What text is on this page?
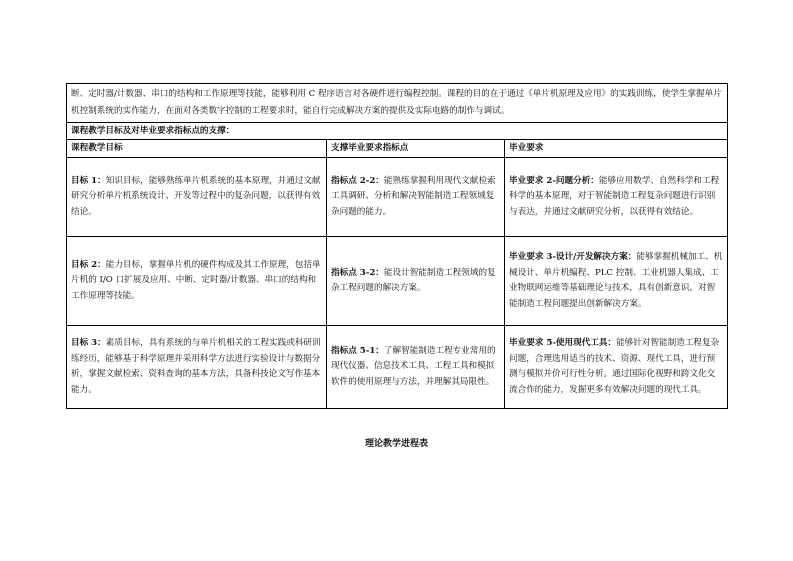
断、定时器/计数器、串口的结构和工作原理等技能，能够利用 C 程序语言对各硬件进行编程控制。课程的目的在于通过《单片机原理及应用》的实践训练，使学生掌握单片机控制系统的实作能力，在面对各类数字控制的工程要求时，能自行完成解决方案的提供及实际电路的制作与调试。		
课程教学目标及对毕业要求指标点的支撑：		
课程教学目标	支撑毕业要求指标点	毕业要求
目标 1：知识目标，能够熟练单片机系统的基本原理，并通过文献研究分析单片机系统设计、开发等过程中的复杂问题，以获得有效结论。	指标点 2-2：能熟练掌握利用现代文献检索工具调研、分析和解决智能制造工程领域复杂问题的能力。	毕业要求 2-问题分析：能够应用数学、自然科学和工程科学的基本原理，对于智能制造工程复杂问题进行识别与表达，并通过文献研究分析，以获得有效结论。
目标 2：能力目标，掌握单片机的硬件构成及其工作原理，包括单片机的 I/O 口扩展及应用、中断、定时器/计数器、串口的结构和工作原理等技能。	指标点 3-2：能设计智能制造工程领域的复杂工程问题的解决方案。	毕业要求 3-设计/开发解决方案：能够掌握机械加工、机械设计、单片机编程、PLC 控制、工业机器人集成、工业物联网运维等基础理论与技术，具有创新意识，对智能制造工程问题提出创新解决方案。
目标 3：素质目标，具有系统的与单片机相关的工程实践或科研训练经历，能够基于科学原理并采用科学方法进行实验设计与数据分析，掌握文献检索、资料查询的基本方法，具备科技论文写作基本能力。	指标点 5-1：了解智能制造工程专业常用的现代仪器、信息技术工具、工程工具和模拟软件的使用原理与方法，并理解其局限性。	毕业要求 5-使用现代工具：能够针对智能制造工程复杂问题，合理选用适当的技术、资源、现代工具，进行预测与模拟并价可行性分析。通过国际化视野和跨文化交流合作的能力，发掘更多有效解决问题的现代工具。
理论教学进程表
